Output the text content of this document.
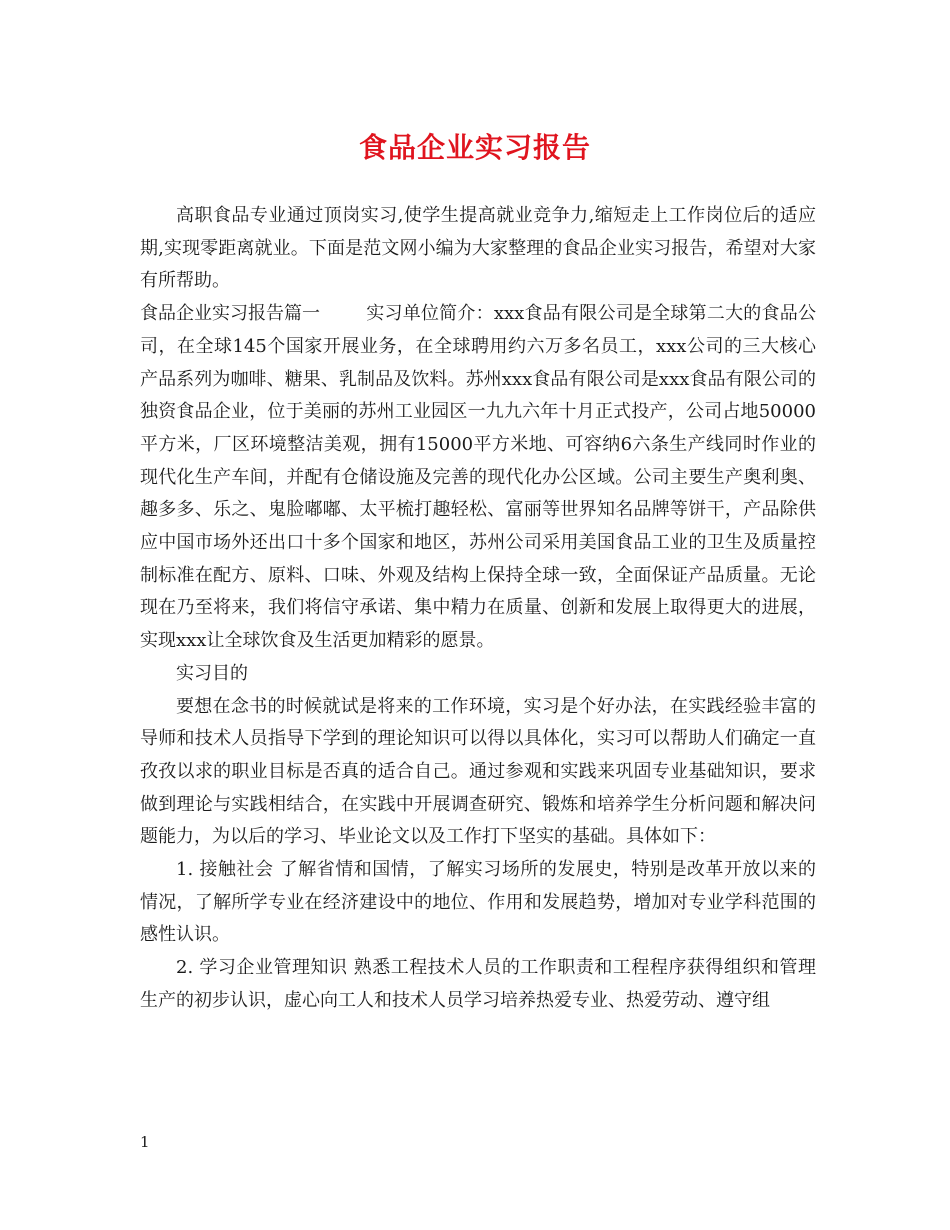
食品企业实习报告

高职食品专业通过顶岗实习,使学生提高就业竞争力,缩短走上工作岗位后的适应期,实现零距离就业。下面是范文网小编为大家整理的食品企业实习报告，希望对大家有所帮助。

食品企业实习报告篇一	实习单位简介：xxx食品有限公司是全球第二大的食品公司，在全球145个国家开展业务，在全球聘用约六万多名员工，xxx公司的三大核心产品系列为咖啡、糖果、乳制品及饮料。苏州xxx食品有限公司是xxx食品有限公司的独资食品企业，位于美丽的苏州工业园区一九九六年十月正式投产，公司占地50000平方米，厂区环境整洁美观，拥有15000平方米地、可容纳6六条生产线同时作业的现代化生产车间，并配有仓储设施及完善的现代化办公区域。公司主要生产奥利奥、趣多多、乐之、鬼脸嘟嘟、太平梳打趣轻松、富丽等世界知名品牌等饼干，产品除供应中国市场外还出口十多个国家和地区，苏州公司采用美国食品工业的卫生及质量控制标准在配方、原料、口味、外观及结构上保持全球一致，全面保证产品质量。无论现在乃至将来，我们将信守承诺、集中精力在质量、创新和发展上取得更大的进展，实现xxx让全球饮食及生活更加精彩的愿景。

实习目的

要想在念书的时候就试是将来的工作环境，实习是个好办法，在实践经验丰富的导师和技术人员指导下学到的理论知识可以得以具体化，实习可以帮助人们确定一直孜孜以求的职业目标是否真的适合自己。通过参观和实践来巩固专业基础知识，要求做到理论与实践相结合，在实践中开展调查研究、锻炼和培养学生分析问题和解决问题能力，为以后的学习、毕业论文以及工作打下坚实的基础。具体如下：

1. 接触社会 了解省情和国情，了解实习场所的发展史，特别是改革开放以来的情况，了解所学专业在经济建设中的地位、作用和发展趋势，增加对专业学科范围的感性认识。

2. 学习企业管理知识 熟悉工程技术人员的工作职责和工程程序获得组织和管理生产的初步认识，虚心向工人和技术人员学习培养热爱专业、热爱劳动、遵守组

1
